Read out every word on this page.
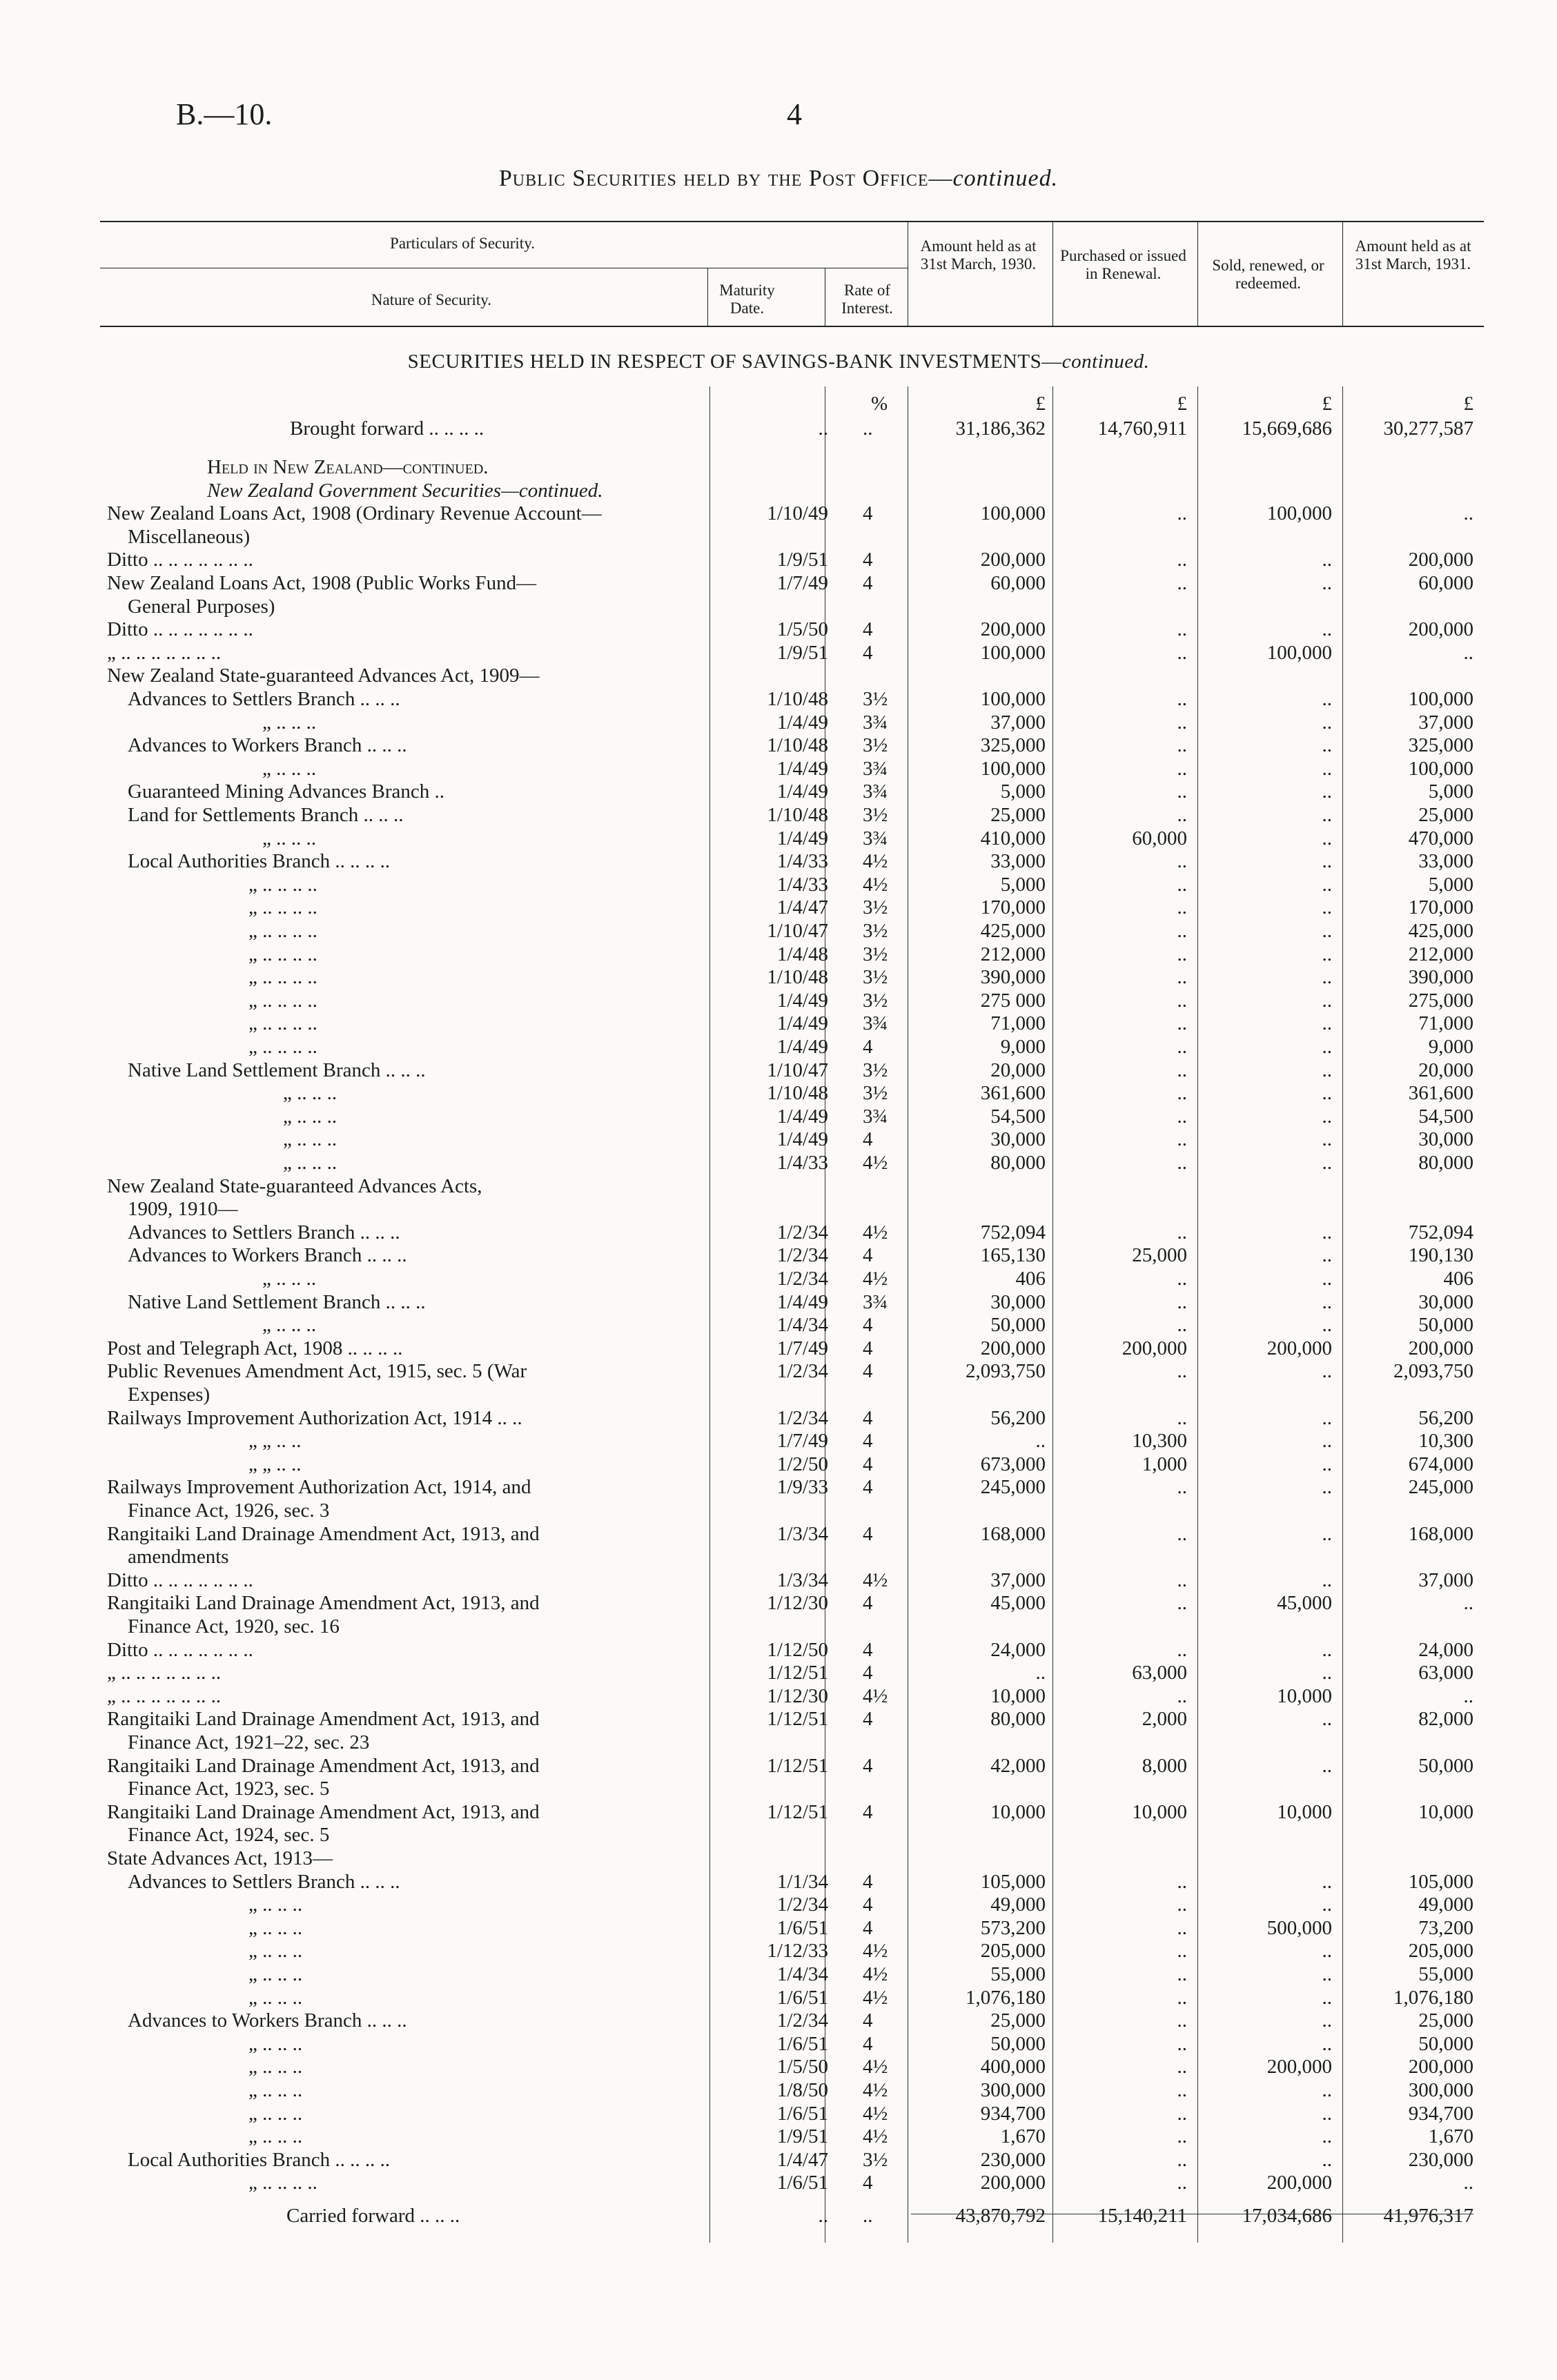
B.—10.	4
Public Securities held by the Post Office—continued.
Particulars of Security.
Nature of Security.
Maturity Date.
Rate of Interest.
Amount held as at 31st March, 1930.	Purchased or issued in Renewal.	Sold, renewed, or redeemed.
Amount held as at 31st March, 1931.
SECURITIES HELD IN RESPECT OF SAVINGS-BANK INVESTMENTS—continued.
%	£	£	£	£
Brought forward .. .. .. ..	.. ..	31,186,362	14,760,911	15,669,686	30,277,587
Held in New Zealand—continued.
New Zealand Government Securities—continued.
New Zealand Loans Act, 1908 (Ordinary Revenue Account—	1/10/49 4	100,000	..	100,000	..
Miscellaneous)
Ditto .. .. .. .. .. .. ..	1/9/51 4	200,000	..	..	200,000
New Zealand Loans Act, 1908 (Public Works Fund—	1/7/49 4	60,000	..	..	60,000
General Purposes)
Ditto .. .. .. .. .. .. ..	1/5/50 4	200,000	..	..	200,000
„ .. .. .. .. .. .. ..	1/9/51 4	100,000	..	100,000	..
New Zealand State-guaranteed Advances Act, 1909—
Advances to Settlers Branch .. .. ..	1/10/48 3½	100,000	..	..	100,000
„ .. .. ..	1/4/49 3¾	37,000	..	..	37,000
Advances to Workers Branch .. .. ..	1/10/48 3½	325,000	..	..	325,000
„ .. .. ..	1/4/49 3¾	100,000	..	..	100,000
Guaranteed Mining Advances Branch ..	1/4/49 3¾	5,000	..	..	5,000
Land for Settlements Branch .. .. ..	1/10/48 3½	25,000	..	..	25,000
„ .. .. ..	1/4/49 3¾	410,000	60,000	..	470,000
Local Authorities Branch .. .. .. ..	1/4/33 4½	33,000	..	..	33,000
„ .. .. .. ..	1/4/33 4½	5,000	..	..	5,000
„ .. .. .. ..	1/4/47 3½	170,000	..	..	170,000
„ .. .. .. ..	1/10/47 3½	425,000	..	..	425,000
„ .. .. .. ..	1/4/48 3½	212,000	..	..	212,000
„ .. .. .. ..	1/10/48 3½	390,000	..	..	390,000
„ .. .. .. ..	1/4/49 3½	275 000	..	..	275,000
„ .. .. .. ..	1/4/49 3¾	71,000	..	..	71,000
„ .. .. .. ..	1/4/49 4	9,000	..	..	9,000
Native Land Settlement Branch .. .. ..	1/10/47 3½	20,000	..	..	20,000
„ .. .. ..	1/10/48 3½	361,600	..	..	361,600
„ .. .. ..	1/4/49 3¾	54,500	..	..	54,500
„ .. .. ..	1/4/49 4	30,000	..	..	30,000
„ .. .. ..	1/4/33 4½	80,000	..	..	80,000
New Zealand State-guaranteed Advances Acts,
1909, 1910—
Advances to Settlers Branch .. .. ..	1/2/34 4½	752,094	..	..	752,094
Advances to Workers Branch .. .. ..	1/2/34 4	165,130	25,000	..	190,130
„ .. .. ..	1/2/34 4½	406	..	..	406
Native Land Settlement Branch .. .. ..	1/4/49 3¾	30,000	..	..	30,000
„ .. .. ..	1/4/34 4	50,000	..	..	50,000
Post and Telegraph Act, 1908 .. .. .. ..	1/7/49 4	200,000	200,000	200,000	200,000
Public Revenues Amendment Act, 1915, sec. 5 (War	1/2/34 4	2,093,750	..	..	2,093,750
Expenses)
Railways Improvement Authorization Act, 1914 .. ..	1/2/34 4	56,200	..	..	56,200
„ „ .. ..	1/7/49 4	..	10,300	..	10,300
„ „ .. ..	1/2/50 4	673,000	1,000	..	674,000
Railways Improvement Authorization Act, 1914, and	1/9/33 4	245,000	..	..	245,000
Finance Act, 1926, sec. 3
Rangitaiki Land Drainage Amendment Act, 1913, and	1/3/34 4	168,000	..	..	168,000
amendments
Ditto .. .. .. .. .. .. ..	1/3/34 4½	37,000	..	..	37,000
Rangitaiki Land Drainage Amendment Act, 1913, and	1/12/30 4	45,000	..	45,000	..
Finance Act, 1920, sec. 16
Ditto .. .. .. .. .. .. ..	1/12/50 4	24,000	..	..	24,000
„ .. .. .. .. .. .. ..	1/12/51 4	..	63,000	..	63,000
„ .. .. .. .. .. .. ..	1/12/30 4½	10,000	..	10,000	..
Rangitaiki Land Drainage Amendment Act, 1913, and	1/12/51 4	80,000	2,000	..	82,000
Finance Act, 1921–22, sec. 23
Rangitaiki Land Drainage Amendment Act, 1913, and	1/12/51 4	42,000	8,000	..	50,000
Finance Act, 1923, sec. 5
Rangitaiki Land Drainage Amendment Act, 1913, and	1/12/51 4	10,000	10,000	10,000	10,000
Finance Act, 1924, sec. 5
State Advances Act, 1913—
Advances to Settlers Branch .. .. ..	1/1/34 4	105,000	..	..	105,000
„ .. .. ..	1/2/34 4	49,000	..	..	49,000
„ .. .. ..	1/6/51 4	573,200	..	500,000	73,200
„ .. .. ..	1/12/33 4½	205,000	..	..	205,000
„ .. .. ..	1/4/34 4½	55,000	..	..	55,000
„ .. .. ..	1/6/51 4½	1,076,180	..	..	1,076,180
Advances to Workers Branch .. .. ..	1/2/34 4	25,000	..	..	25,000
„ .. .. ..	1/6/51 4	50,000	..	..	50,000
„ .. .. ..	1/5/50 4½	400,000	..	200,000	200,000
„ .. .. ..	1/8/50 4½	300,000	..	..	300,000
„ .. .. ..	1/6/51 4½	934,700	..	..	934,700
„ .. .. ..	1/9/51 4½	1,670	..	..	1,670
Local Authorities Branch .. .. .. ..	1/4/47 3½	230,000	..	..	230,000
„ .. .. .. ..	1/6/51 4	200,000	..	200,000	..
Carried forward .. .. ..	.. ..	43,870,792	15,140,211	17,034,686	41,976,317
